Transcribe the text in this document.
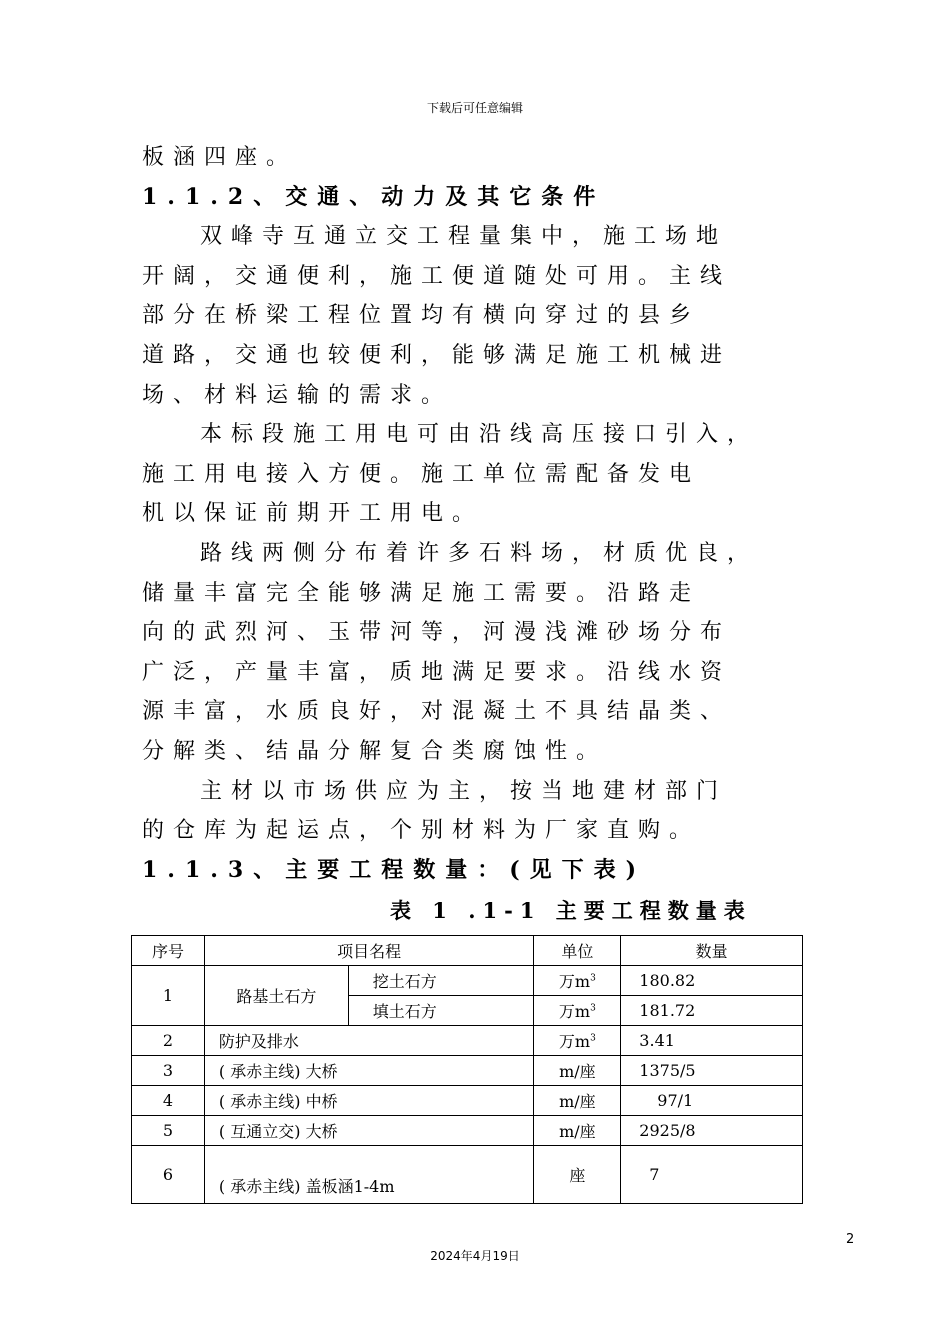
下载后可任意编辑
板涵四座。
1.1.2、交通、动力及其它条件
双峰寺互通立交工程量集中，施工场地
开阔，交通便利，施工便道随处可用。主线
部分在桥梁工程位置均有横向穿过的县乡
道路，交通也较便利，能够满足施工机械进
场、材料运输的需求。
本标段施工用电可由沿线高压接口引入，
施工用电接入方便。施工单位需配备发电
机以保证前期开工用电。
路线两侧分布着许多石料场，材质优良，
储量丰富完全能够满足施工需要。沿路走
向的武烈河、玉带河等，河漫浅滩砂场分布
广泛，产量丰富，质地满足要求。沿线水资
源丰富，水质良好，对混凝土不具结晶类、
分解类、结晶分解复合类腐蚀性。
主材以市场供应为主，按当地建材部门
的仓库为起运点，个别材料为厂家直购。
1.1.3、主要工程数量：(见下表)
表 1 .1-1 主要工程数量表
序号	项目名程		单位	数量
1	路基土石方	挖土石方	万$m^3$	180.82
		填土石方	万$m^3$	181.72
2	防护及排水		万$m^3$	3.41
3	( 承赤主线) 大桥		m/座	1375/5
4	( 承赤主线) 中桥		m/座	97/1
5	( 互通立交) 大桥		m/座	2925/8
6	( 承赤主线) 盖板涵1-4m		座	7
2
2024年4月19日
